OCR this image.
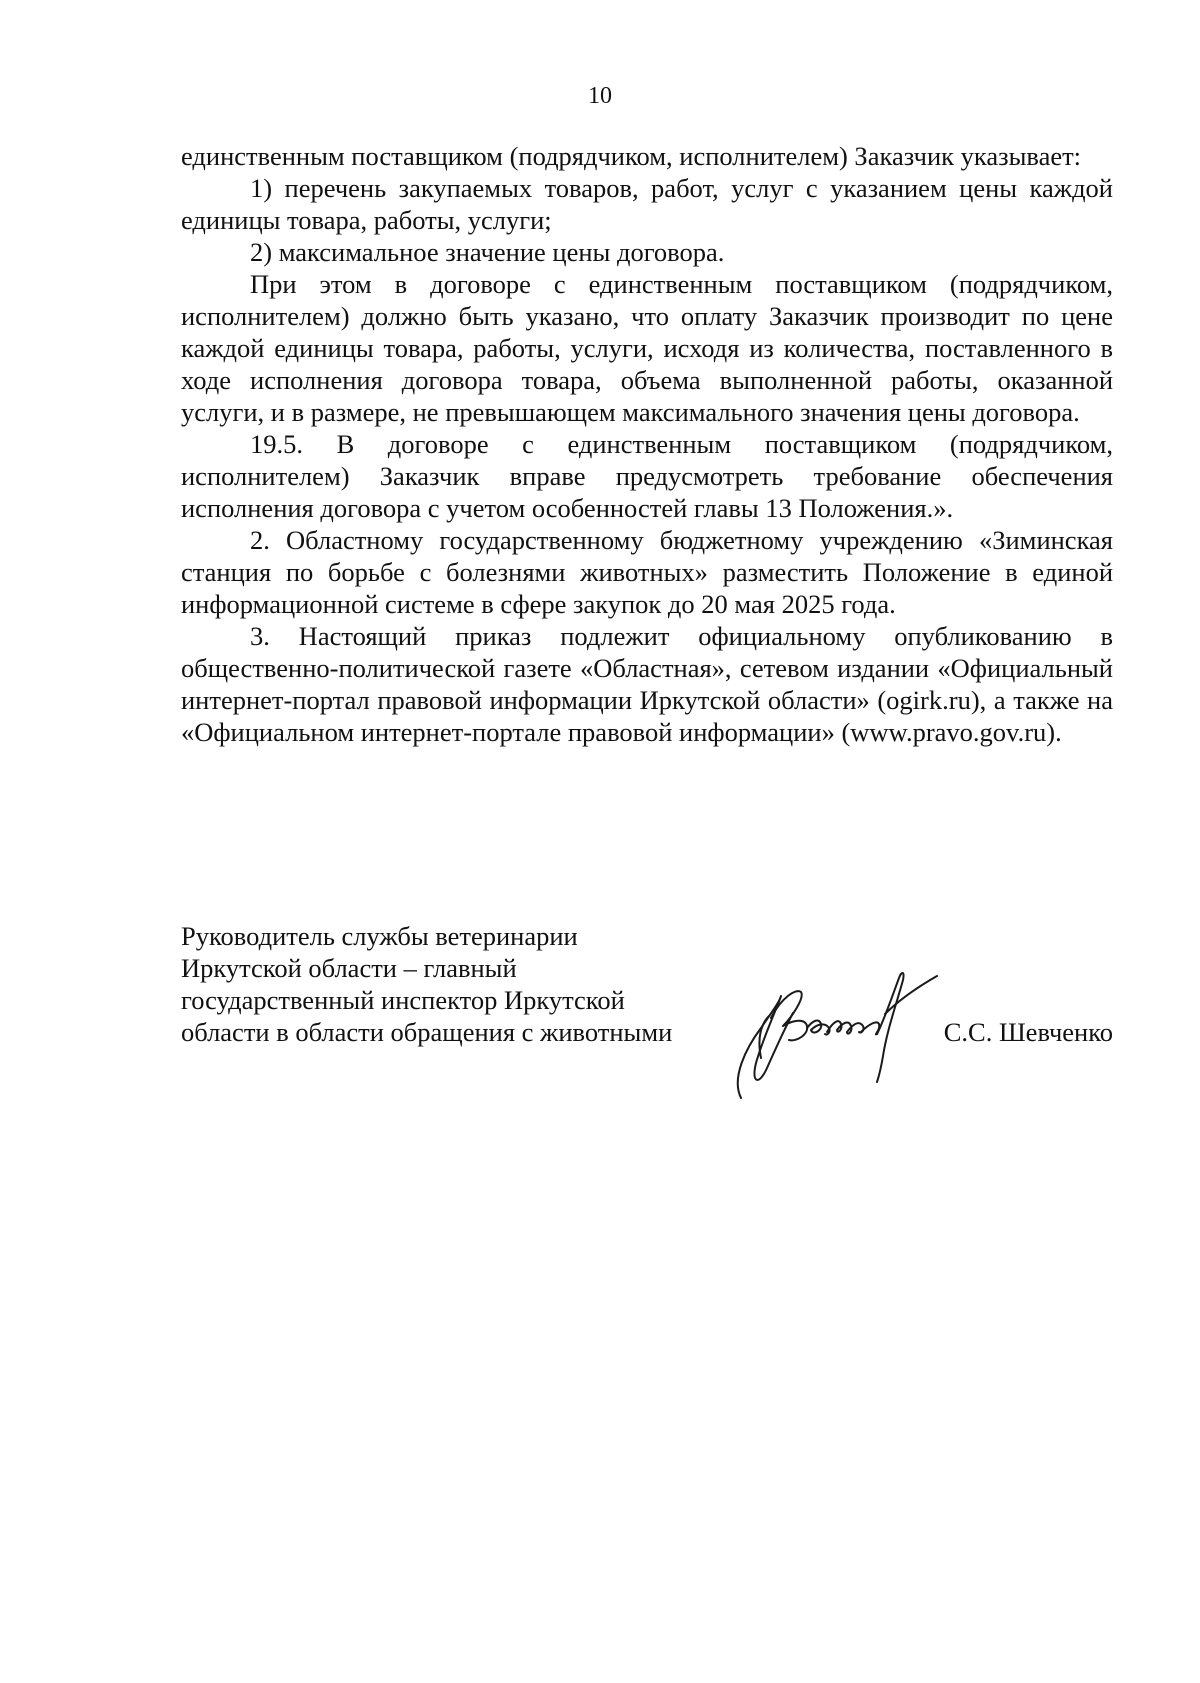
10

единственным поставщиком (подрядчиком, исполнителем) Заказчик указывает:

1) перечень закупаемых товаров, работ, услуг с указанием цены каждой единицы товара, работы, услуги;

2) максимальное значение цены договора.

При этом в договоре с единственным поставщиком (подрядчиком, исполнителем) должно быть указано, что оплату Заказчик производит по цене каждой единицы товара, работы, услуги, исходя из количества, поставленного в ходе исполнения договора товара, объема выполненной работы, оказанной услуги, и в размере, не превышающем максимального значения цены договора.

19.5. В договоре с единственным поставщиком (подрядчиком, исполнителем) Заказчик вправе предусмотреть требование обеспечения исполнения договора с учетом особенностей главы 13 Положения.».

2. Областному государственному бюджетному учреждению «Зиминская станция по борьбе с болезнями животных» разместить Положение в единой информационной системе в сфере закупок до 20 мая 2025 года.

3. Настоящий приказ подлежит официальному опубликованию в общественно-политической газете «Областная», сетевом издании «Официальный интернет-портал правовой информации Иркутской области» (ogirk.ru), а также на «Официальном интернет-портале правовой информации» (www.pravo.gov.ru).

Руководитель службы ветеринарии
Иркутской области – главный
государственный инспектор Иркутской
области в области обращения с животными	С.С. Шевченко
